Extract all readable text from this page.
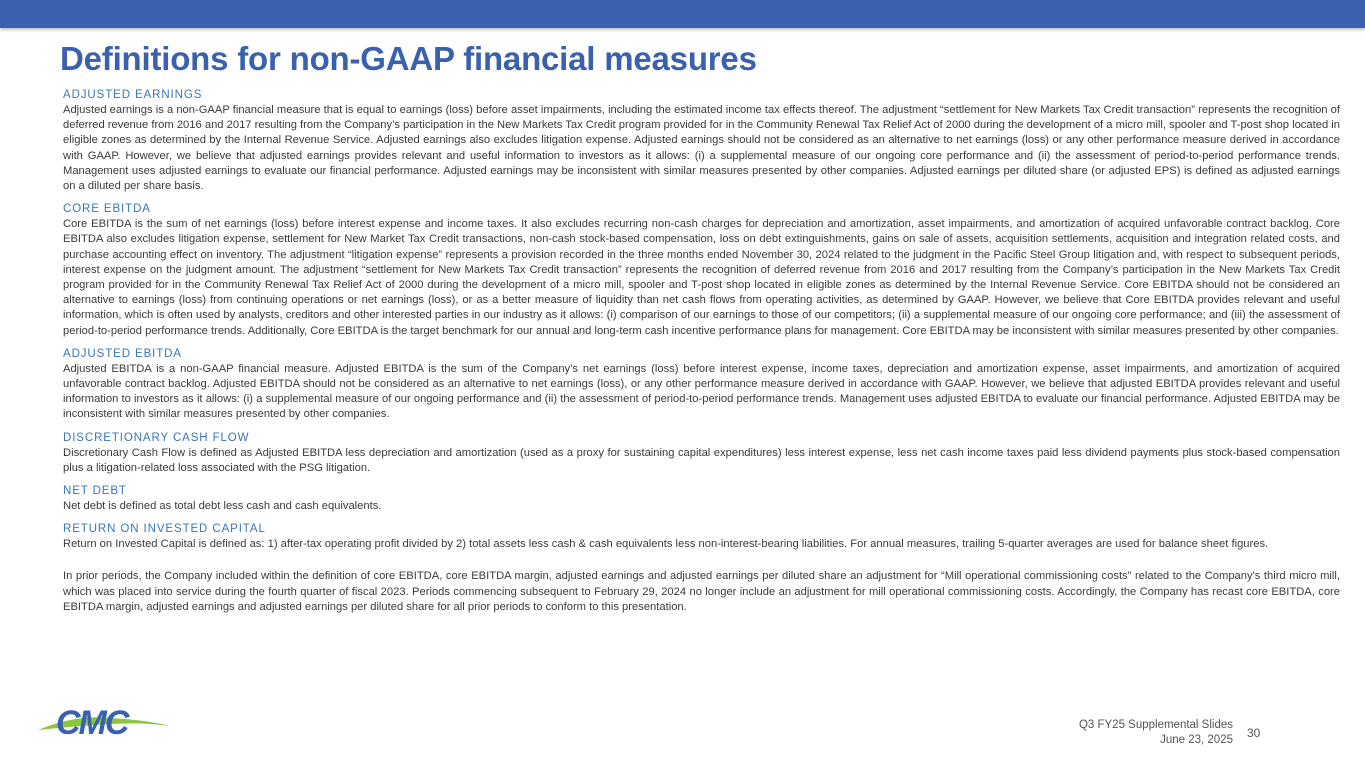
Definitions for non-GAAP financial measures
ADJUSTED EARNINGS
Adjusted earnings is a non-GAAP financial measure that is equal to earnings (loss) before asset impairments, including the estimated income tax effects thereof. The adjustment “settlement for New Markets Tax Credit transaction” represents the recognition of deferred revenue from 2016 and 2017 resulting from the Company’s participation in the New Markets Tax Credit program provided for in the Community Renewal Tax Relief Act of 2000 during the development of a micro mill, spooler and T-post shop located in eligible zones as determined by the Internal Revenue Service. Adjusted earnings also excludes litigation expense. Adjusted earnings should not be considered as an alternative to net earnings (loss) or any other performance measure derived in accordance with GAAP. However, we believe that adjusted earnings provides relevant and useful information to investors as it allows: (i) a supplemental measure of our ongoing core performance and (ii) the assessment of period-to-period performance trends. Management uses adjusted earnings to evaluate our financial performance. Adjusted earnings may be inconsistent with similar measures presented by other companies. Adjusted earnings per diluted share (or adjusted EPS) is defined as adjusted earnings on a diluted per share basis.
CORE EBITDA
Core EBITDA is the sum of net earnings (loss) before interest expense and income taxes. It also excludes recurring non-cash charges for depreciation and amortization, asset impairments, and amortization of acquired unfavorable contract backlog. Core EBITDA also excludes litigation expense, settlement for New Market Tax Credit transactions, non-cash stock-based compensation, loss on debt extinguishments, gains on sale of assets, acquisition settlements, acquisition and integration related costs, and purchase accounting effect on inventory. The adjustment “litigation expense” represents a provision recorded in the three months ended November 30, 2024 related to the judgment in the Pacific Steel Group litigation and, with respect to subsequent periods, interest expense on the judgment amount. The adjustment “settlement for New Markets Tax Credit transaction” represents the recognition of deferred revenue from 2016 and 2017 resulting from the Company’s participation in the New Markets Tax Credit program provided for in the Community Renewal Tax Relief Act of 2000 during the development of a micro mill, spooler and T-post shop located in eligible zones as determined by the Internal Revenue Service. Core EBITDA should not be considered an alternative to earnings (loss) from continuing operations or net earnings (loss), or as a better measure of liquidity than net cash flows from operating activities, as determined by GAAP. However, we believe that Core EBITDA provides relevant and useful information, which is often used by analysts, creditors and other interested parties in our industry as it allows: (i) comparison of our earnings to those of our competitors; (ii) a supplemental measure of our ongoing core performance; and (iii) the assessment of period-to-period performance trends. Additionally, Core EBITDA is the target benchmark for our annual and long-term cash incentive performance plans for management. Core EBITDA may be inconsistent with similar measures presented by other companies.
ADJUSTED EBITDA
Adjusted EBITDA is a non-GAAP financial measure. Adjusted EBITDA is the sum of the Company’s net earnings (loss) before interest expense, income taxes, depreciation and amortization expense, asset impairments, and amortization of acquired unfavorable contract backlog. Adjusted EBITDA should not be considered as an alternative to net earnings (loss), or any other performance measure derived in accordance with GAAP. However, we believe that adjusted EBITDA provides relevant and useful information to investors as it allows: (i) a supplemental measure of our ongoing performance and (ii) the assessment of period-to-period performance trends. Management uses adjusted EBITDA to evaluate our financial performance. Adjusted EBITDA may be inconsistent with similar measures presented by other companies.
DISCRETIONARY CASH FLOW
Discretionary Cash Flow is defined as Adjusted EBITDA less depreciation and amortization (used as a proxy for sustaining capital expenditures) less interest expense, less net cash income taxes paid less dividend payments plus stock-based compensation plus a litigation-related loss associated with the PSG litigation.
NET DEBT
Net debt is defined as total debt less cash and cash equivalents.
RETURN ON INVESTED CAPITAL
Return on Invested Capital is defined as: 1) after-tax operating profit divided by 2) total assets less cash & cash equivalents less non-interest-bearing liabilities. For annual measures, trailing 5-quarter averages are used for balance sheet figures.
In prior periods, the Company included within the definition of core EBITDA, core EBITDA margin, adjusted earnings and adjusted earnings per diluted share an adjustment for “Mill operational commissioning costs” related to the Company's third micro mill, which was placed into service during the fourth quarter of fiscal 2023. Periods commencing subsequent to February 29, 2024 no longer include an adjustment for mill operational commissioning costs. Accordingly, the Company has recast core EBITDA, core EBITDA margin, adjusted earnings and adjusted earnings per diluted share for all prior periods to conform to this presentation.
CMC	Q3 FY25 Supplemental Slides
June 23, 2025 30
